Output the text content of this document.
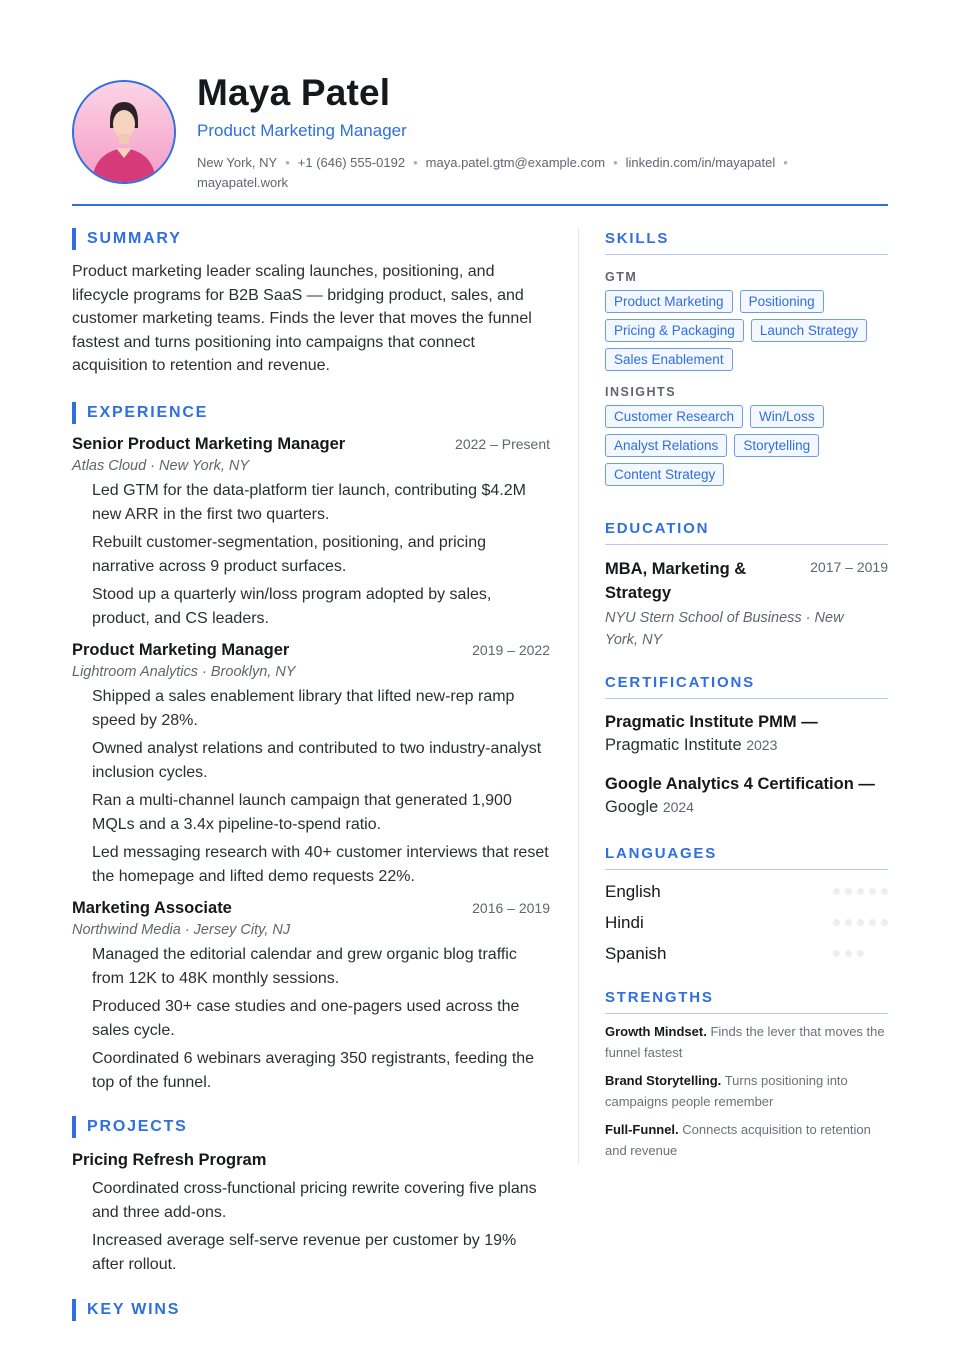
Maya Patel
Product Marketing Manager
New York, NY • +1 (646) 555-0192 • maya.patel.gtm@example.com • linkedin.com/in/mayapatel •
mayapatel.work
SUMMARY

Product marketing leader scaling launches, positioning, and lifecycle programs for B2B SaaS — bridging product, sales, and customer marketing teams. Finds the lever that moves the funnel fastest and turns positioning into campaigns that connect acquisition to retention and revenue.

EXPERIENCE
Senior Product Marketing Manager	2022 – Present
Atlas Cloud · New York, NY
Led GTM for the data-platform tier launch, contributing $4.2M new ARR in the first two quarters.
Rebuilt customer-segmentation, positioning, and pricing narrative across 9 product surfaces.
Stood up a quarterly win/loss program adopted by sales, product, and CS leaders.
Product Marketing Manager	2019 – 2022
Lightroom Analytics · Brooklyn, NY
Shipped a sales enablement library that lifted new-rep ramp speed by 28%.
Owned analyst relations and contributed to two industry-analyst inclusion cycles.
Ran a multi-channel launch campaign that generated 1,900 MQLs and a 3.4x pipeline-to-spend ratio.
Led messaging research with 40+ customer interviews that reset the homepage and lifted demo requests 22%.
Marketing Associate	2016 – 2019
Northwind Media · Jersey City, NJ
Managed the editorial calendar and grew organic blog traffic from 12K to 48K monthly sessions.
Produced 30+ case studies and one-pagers used across the sales cycle.
Coordinated 6 webinars averaging 350 registrants, feeding the top of the funnel.
PROJECTS
Pricing Refresh Program
Coordinated cross-functional pricing rewrite covering five plans and three add-ons.
Increased average self-serve revenue per customer by 19% after rollout.
KEY WINS
SKILLS
GTM
Product Marketing	Positioning
Pricing & Packaging	Launch Strategy
Sales Enablement
INSIGHTS
Customer Research	Win/Loss
Analyst Relations	Storytelling
Content Strategy
EDUCATION
MBA, Marketing & Strategy
2017 – 2019
NYU Stern School of Business · New York, NY
CERTIFICATIONS
Pragmatic Institute PMM —
Pragmatic Institute 2023
Google Analytics 4 Certification —
Google 2024
LANGUAGES
English
Hindi
Spanish
STRENGTHS
Growth Mindset. Finds the lever that moves the funnel fastest
Brand Storytelling. Turns positioning into campaigns people remember
Full-Funnel. Connects acquisition to retention and revenue
